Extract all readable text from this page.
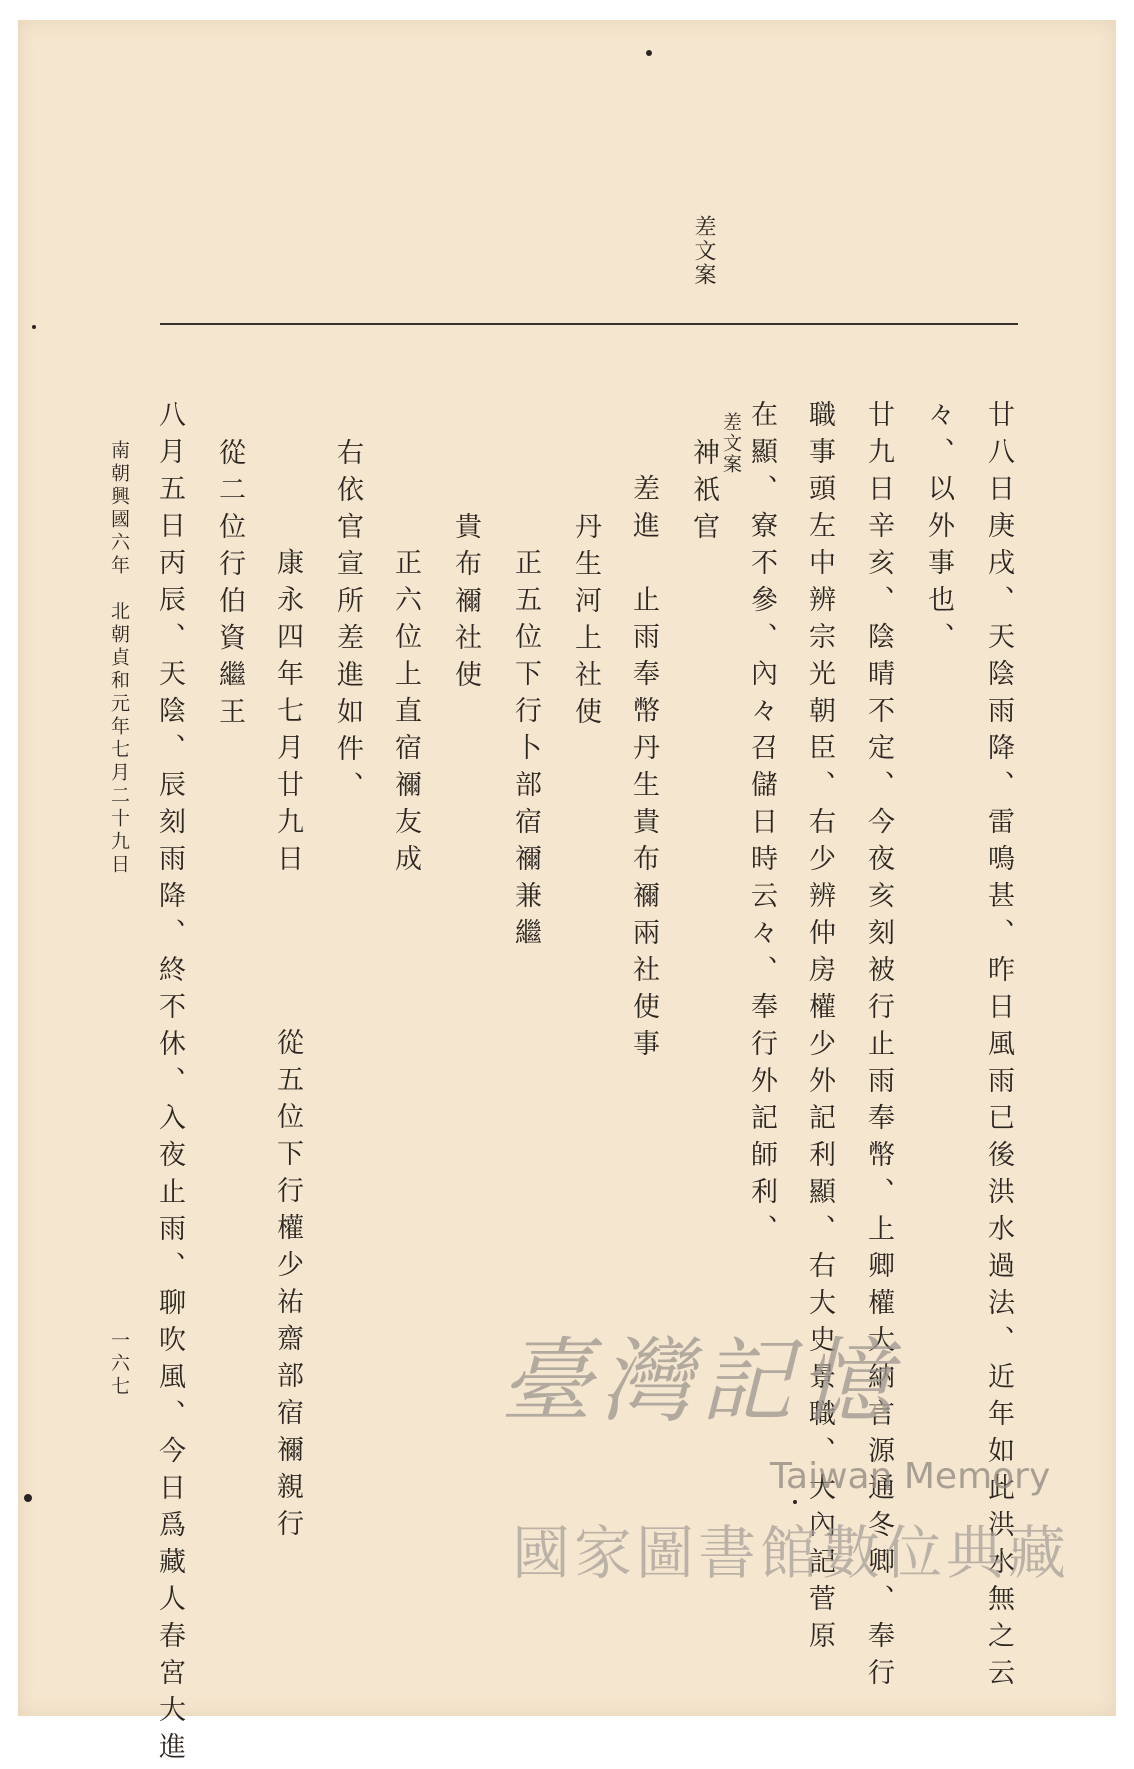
差文案
廿八日庚戌、天陰雨降、雷鳴甚、昨日風雨已後洪水過法、近年如此洪水無之云
々、以外事也、
廿九日辛亥、陰晴不定、今夜亥刻被行止雨奉幣、上卿權大納言源通冬卿、奉行
職事頭左中辨宗光朝臣、右少辨仲房權少外記利顯、右大史景職、大內記菅原
在顯、寮不參、內々召儲日時云々、奉行外記師利、
差文案
神祇官
差進　止雨奉幣丹生貴布禰兩社使事
丹生河上社使
正五位下行卜部宿禰兼繼
貴布禰社使
正六位上直宿禰友成
右依官宣所差進如件、
康永四年七月廿九日
從五位下行權少祐齋部宿禰親行
從二位行伯資繼王
八月五日丙辰、天陰、辰刻雨降、終不休、入夜止雨、聊吹風、今日爲藏人春宮大進
南朝興國六年　北朝貞和元年七月二十九日
一六七	臺灣記憶
Taiwan Memory
國家圖書館數位典藏
